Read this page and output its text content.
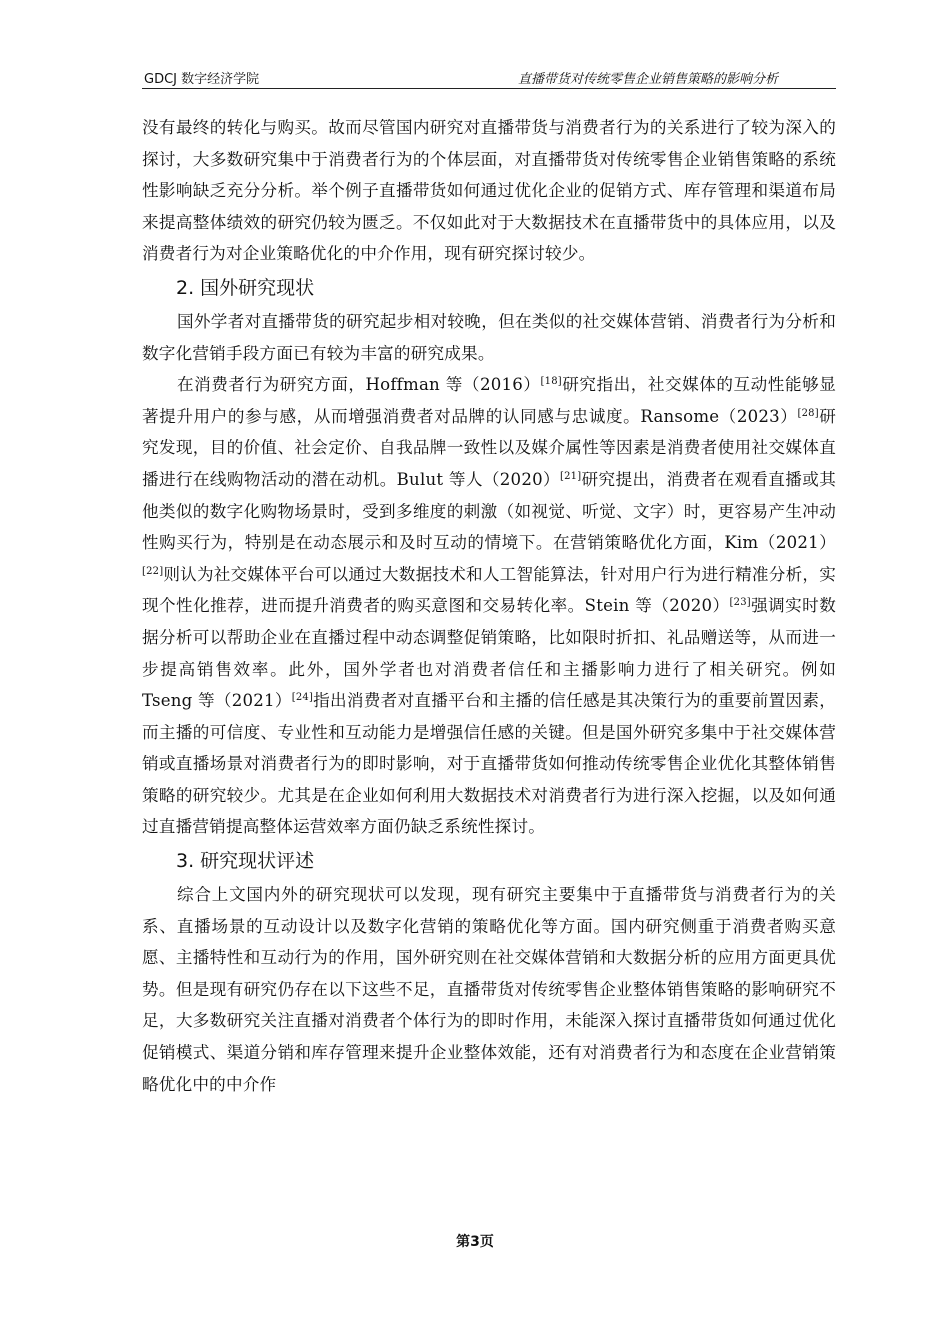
GDCJ 数字经济学院	直播带货对传统零售企业销售策略的影响分析

没有最终的转化与购买。故而尽管国内研究对直播带货与消费者行为的关系进行了较为深入的探讨，大多数研究集中于消费者行为的个体层面，对直播带货对传统零售企业销售策略的系统性影响缺乏充分分析。举个例子直播带货如何通过优化企业的促销方式、库存管理和渠道布局来提高整体绩效的研究仍较为匮乏。不仅如此对于大数据技术在直播带货中的具体应用，以及消费者行为对企业策略优化的中介作用，现有研究探讨较少。

2. 国外研究现状

国外学者对直播带货的研究起步相对较晚，但在类似的社交媒体营销、消费者行为分析和数字化营销手段方面已有较为丰富的研究成果。

在消费者行为研究方面，Hoffman 等（2016）[18]研究指出，社交媒体的互动性能够显著提升用户的参与感，从而增强消费者对品牌的认同感与忠诚度。Ransome（2023）[28]研究发现，目的价值、社会定价、自我品牌一致性以及媒介属性等因素是消费者使用社交媒体直播进行在线购物活动的潜在动机。Bulut 等人（2020）[21]研究提出，消费者在观看直播或其他类似的数字化购物场景时，受到多维度的刺激（如视觉、听觉、文字）时，更容易产生冲动性购买行为，特别是在动态展示和及时互动的情境下。在营销策略优化方面，Kim（2021）[22]则认为社交媒体平台可以通过大数据技术和人工智能算法，针对用户行为进行精准分析，实现个性化推荐，进而提升消费者的购买意图和交易转化率。Stein 等（2020）[23]强调实时数据分析可以帮助企业在直播过程中动态调整促销策略，比如限时折扣、礼品赠送等，从而进一步提高销售效率。此外，国外学者也对消费者信任和主播影响力进行了相关研究。例如 Tseng 等（2021）[24]指出消费者对直播平台和主播的信任感是其决策行为的重要前置因素，而主播的可信度、专业性和互动能力是增强信任感的关键。但是国外研究多集中于社交媒体营销或直播场景对消费者行为的即时影响，对于直播带货如何推动传统零售企业优化其整体销售策略的研究较少。尤其是在企业如何利用大数据技术对消费者行为进行深入挖掘，以及如何通过直播营销提高整体运营效率方面仍缺乏系统性探讨。

3. 研究现状评述

综合上文国内外的研究现状可以发现，现有研究主要集中于直播带货与消费者行为的关系、直播场景的互动设计以及数字化营销的策略优化等方面。国内研究侧重于消费者购买意愿、主播特性和互动行为的作用，国外研究则在社交媒体营销和大数据分析的应用方面更具优势。但是现有研究仍存在以下这些不足，直播带货对传统零售企业整体销售策略的影响研究不足，大多数研究关注直播对消费者个体行为的即时作用，未能深入探讨直播带货如何通过优化促销模式、渠道分销和库存管理来提升企业整体效能，还有对消费者行为和态度在企业营销策略优化中的中介作

第3页
